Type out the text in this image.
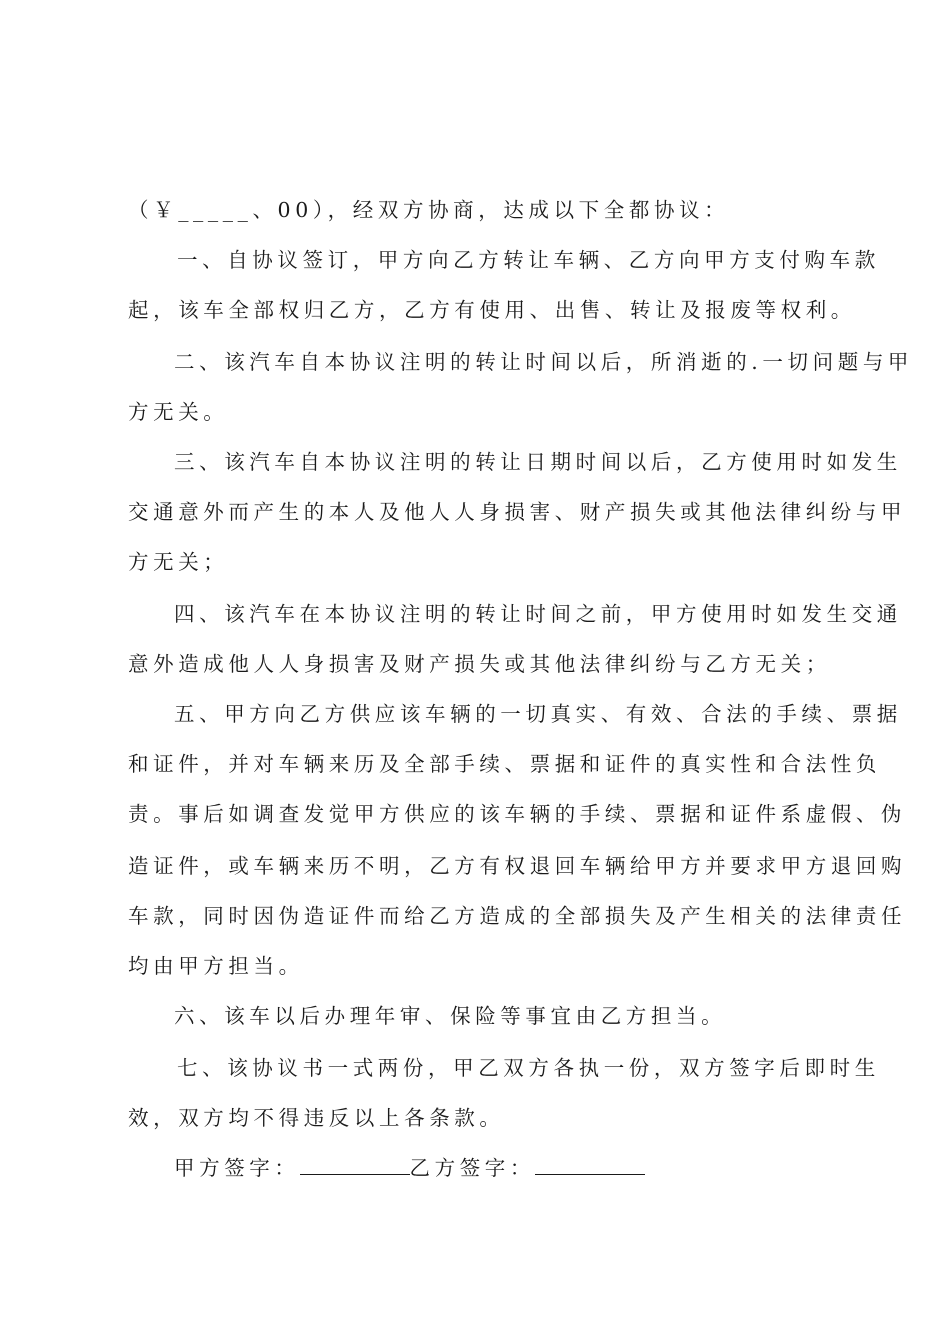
（￥_____、00），经双方协商，达成以下全都协议：
一、自协议签订，甲方向乙方转让车辆、乙方向甲方支付购车款
起，该车全部权归乙方，乙方有使用、出售、转让及报废等权利。
二、该汽车自本协议注明的转让时间以后，所消逝的.一切问题与甲
方无关。
三、该汽车自本协议注明的转让日期时间以后，乙方使用时如发生
交通意外而产生的本人及他人人身损害、财产损失或其他法律纠纷与甲
方无关；
四、该汽车在本协议注明的转让时间之前，甲方使用时如发生交通
意外造成他人人身损害及财产损失或其他法律纠纷与乙方无关；
五、甲方向乙方供应该车辆的一切真实、有效、合法的手续、票据
和证件，并对车辆来历及全部手续、票据和证件的真实性和合法性负
责。事后如调查发觉甲方供应的该车辆的手续、票据和证件系虚假、伪
造证件，或车辆来历不明，乙方有权退回车辆给甲方并要求甲方退回购
车款，同时因伪造证件而给乙方造成的全部损失及产生相关的法律责任
均由甲方担当。
六、该车以后办理年审、保险等事宜由乙方担当。
七、该协议书一式两份，甲乙双方各执一份，双方签字后即时生
效，双方均不得违反以上各条款。
甲方签字：	乙方签字：
